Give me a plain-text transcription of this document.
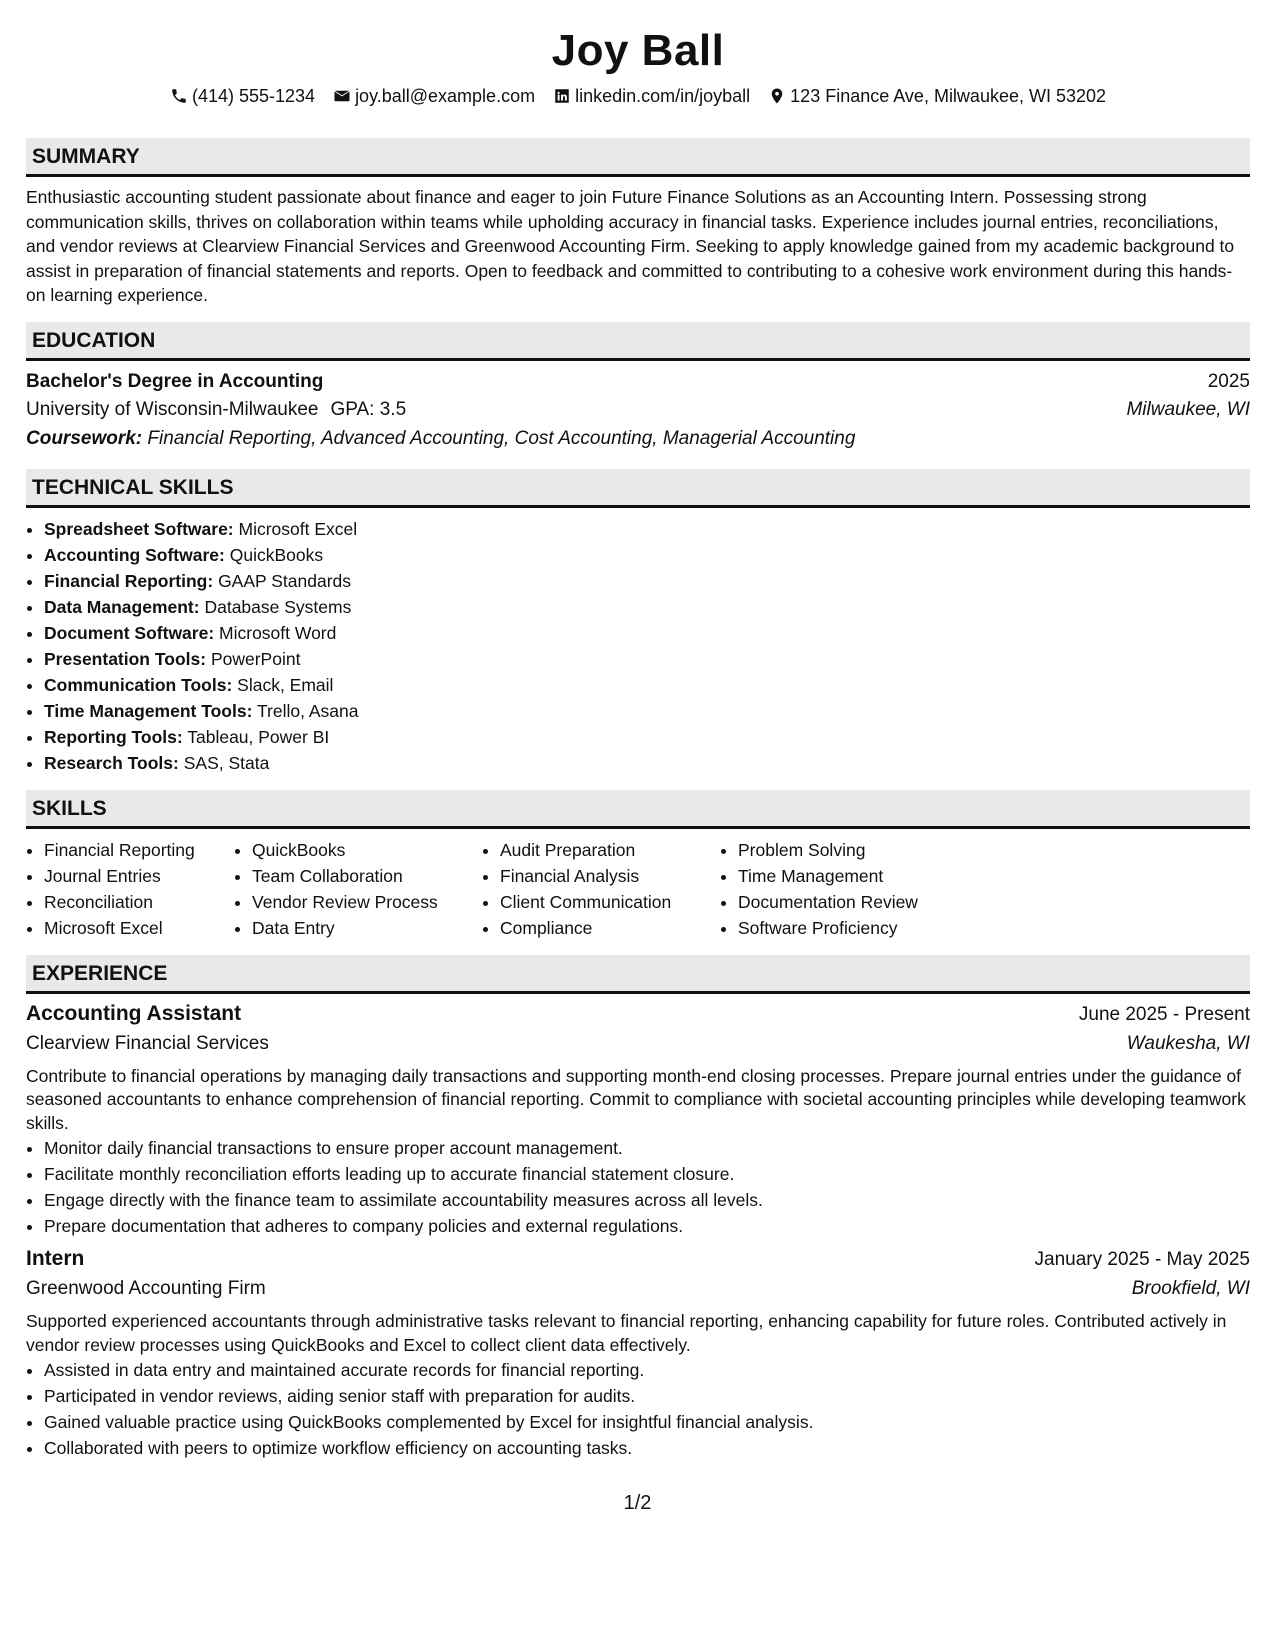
Joy Ball
(414) 555-1234 joy.ball@example.com linkedin.com/in/joyball 123 Finance Ave, Milwaukee, WI 53202
SUMMARY

Enthusiastic accounting student passionate about finance and eager to join Future Finance Solutions as an Accounting Intern. Possessing strong communication skills, thrives on collaboration within teams while upholding accuracy in financial tasks. Experience includes journal entries, reconciliations, and vendor reviews at Clearview Financial Services and Greenwood Accounting Firm. Seeking to apply knowledge gained from my academic background to assist in preparation of financial statements and reports. Open to feedback and committed to contributing to a cohesive work environment during this hands-on learning experience.

EDUCATION
Bachelor's Degree in Accounting	2025
University of Wisconsin-Milwaukee GPA: 3.5	Milwaukee, WI
Coursework: Financial Reporting, Advanced Accounting, Cost Accounting, Managerial Accounting
TECHNICAL SKILLS
• Spreadsheet Software: Microsoft Excel
• Accounting Software: QuickBooks
• Financial Reporting: GAAP Standards
• Data Management: Database Systems
• Document Software: Microsoft Word
• Presentation Tools: PowerPoint
• Communication Tools: Slack, Email
• Time Management Tools: Trello, Asana
• Reporting Tools: Tableau, Power BI
• Research Tools: SAS, Stata
SKILLS
• Financial Reporting
• Journal Entries
• Reconciliation
• Microsoft Excel
• QuickBooks
• Team Collaboration
• Vendor Review Process
• Data Entry
• Audit Preparation
• Financial Analysis
• Client Communication
• Compliance
• Problem Solving
• Time Management
• Documentation Review
• Software Proficiency
EXPERIENCE
Accounting Assistant	June 2025 - Present
Clearview Financial Services	Waukesha, WI
Contribute to financial operations by managing daily transactions and supporting month-end closing processes. Prepare journal entries under the guidance of seasoned accountants to enhance comprehension of financial reporting. Commit to compliance with societal accounting principles while developing teamwork skills.
• Monitor daily financial transactions to ensure proper account management.
• Facilitate monthly reconciliation efforts leading up to accurate financial statement closure.
• Engage directly with the finance team to assimilate accountability measures across all levels.
• Prepare documentation that adheres to company policies and external regulations.
Intern	January 2025 - May 2025
Greenwood Accounting Firm	Brookfield, WI
Supported experienced accountants through administrative tasks relevant to financial reporting, enhancing capability for future roles. Contributed actively in vendor review processes using QuickBooks and Excel to collect client data effectively.
• Assisted in data entry and maintained accurate records for financial reporting.
• Participated in vendor reviews, aiding senior staff with preparation for audits.
• Gained valuable practice using QuickBooks complemented by Excel for insightful financial analysis.
• Collaborated with peers to optimize workflow efficiency on accounting tasks.
1/2
